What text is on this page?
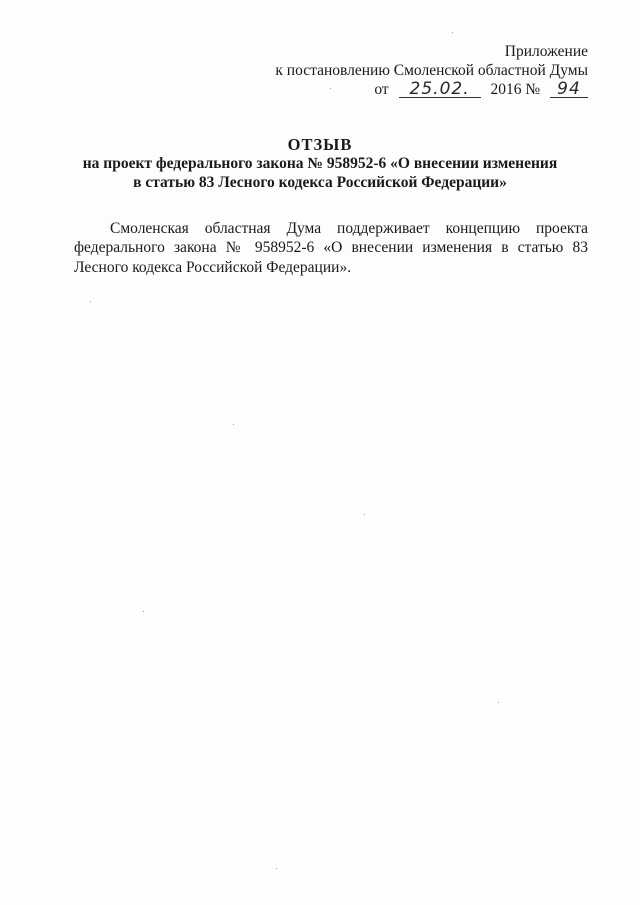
Приложение
к постановлению Смоленской областной Думы
от 25.02. 2016 № 94
ОТЗЫВ
на проект федерального закона № 958952-6 «О внесении изменения
в статью 83 Лесного кодекса Российской Федерации»

Смоленская областная Дума поддерживает концепцию проекта федерального закона № 958952-6 «О внесении изменения в статью 83 Лесного кодекса Российской Федерации».
